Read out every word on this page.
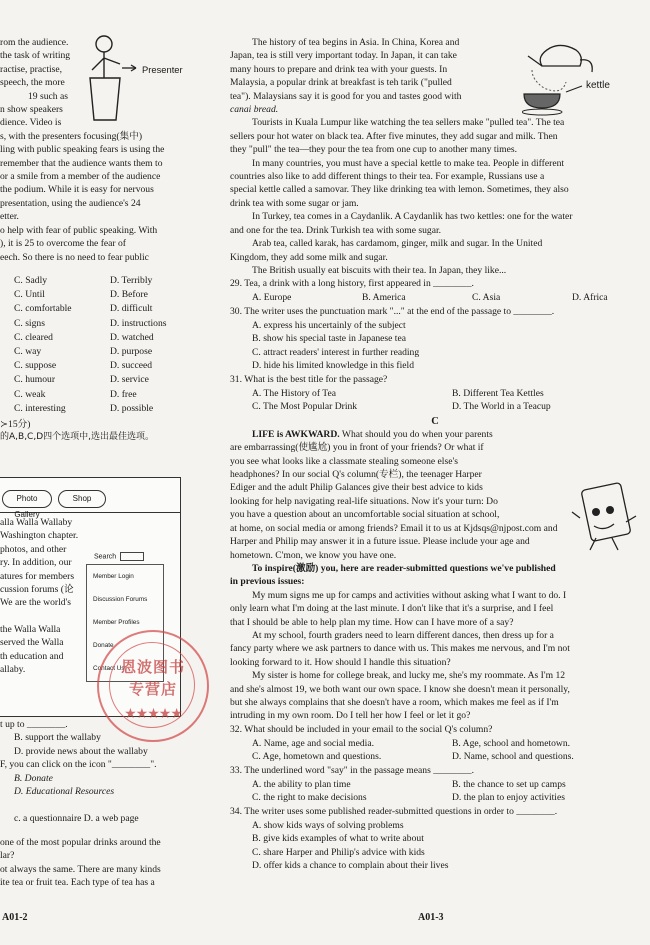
rom the audience.
the task of writing
ractise, practise,
speech, the more
19 such as
n show speakers
dience. Video is
s, with the presenters focusing(集中)
ling with public speaking fears is using the
remember that the audience wants them to
or a smile from a member of the audience
the podium. While it is easy for nervous
presentation, using the audience's 24
etter.
o help with fear of public speaking. With
), it is 25 to overcome the fear of
eech. So there is no need to fear public
Presenter
C. Sadly	D. Terribly
C. Until	D. Before
C. comfortable	D. difficult
C. signs	D. instructions
C. cleared	D. watched
C. way	D. purpose
C. suppose	D. succeed
C. humour	D. service
C. weak	D. free
C. interesting	D. possible
≻15分)
的A,B,C,D四个选项中,选出最佳选项。
Photo Gallery
Shop
Search
Member Login
Discussion Forums
Member Profiles
Donate
Contact Us
alla Walla Wallaby
Washington chapter.
photos, and other
ry. In addition, our
atures for members
cussion forums (论
We are the world's
the Walla Walla
served the Walla
th education and
allaby.	恩波图书
专营店
★★★★★
t up to ________.
B. support the wallaby
D. provide news about the wallaby
F, you can click on the icon "________".
B. Donate
D. Educational Resources
c. a questionnaire D. a web page
one of the most popular drinks around the
lar?
ot always the same. There are many kinds
ite tea or fruit tea. Each type of tea has a
A01-2
kettle
The history of tea begins in Asia. In China, Korea and
Japan, tea is still very important today. In Japan, it can take
many hours to prepare and drink tea with your guests. In
Malaysia, a popular drink at breakfast is teh tarik ("pulled
tea"). Malaysians say it is good for you and tastes good with
canai bread.
Tourists in Kuala Lumpur like watching the tea sellers make "pulled tea". The tea
sellers pour hot water on black tea. After five minutes, they add sugar and milk. Then
they "pull" the tea—they pour the tea from one cup to another many times.
In many countries, you must have a special kettle to make tea. People in different
countries also like to add different things to their tea. For example, Russians use a
special kettle called a samovar. They like drinking tea with lemon. Sometimes, they also
drink tea with some sugar or jam.
In Turkey, tea comes in a Caydanlik. A Caydanlik has two kettles: one for the water
and one for the tea. Drink Turkish tea with some sugar.
Arab tea, called karak, has cardamom, ginger, milk and sugar. In the United
Kingdom, they add some milk and sugar.
The British usually eat biscuits with their tea. In Japan, they like...
29. Tea, a drink with a long history, first appeared in ________.
A. Europe	B. America	C. Asia	D. Africa
30. The writer uses the punctuation mark "..." at the end of the passage to ________.
A. express his uncertainly of the subject
B. show his special taste in Japanese tea
C. attract readers' interest in further reading
D. hide his limited knowledge in this field
31. What is the best title for the passage?
A. The History of Tea	B. Different Tea Kettles
C. The Most Popular Drink	D. The World in a Teacup
C
LIFE is AWKWARD. What should you do when your parents
are embarrassing(使尴尬) you in front of your friends? Or what if
you see what looks like a classmate stealing someone else's
headphones? In our social Q's column(专栏), the teenager Harper
Ediger and the adult Philip Galances give their best advice to kids
looking for help navigating real-life situations. Now it's your turn: Do
you have a question about an uncomfortable social situation at school,
at home, on social media or among friends? Email it to us at Kjdsqs@njpost.com and
Harper and Philip may answer it in a future issue. Please include your age and
hometown. C'mon, we know you have one.
To inspire(激励) you, here are reader-submitted questions we've published
in previous issues:
My mum signs me up for camps and activities without asking what I want to do. I
only learn what I'm doing at the last minute. I don't like that it's a surprise, and I feel
that I should be able to help plan my time. How can I have more of a say?
At my school, fourth graders need to learn different dances, then dress up for a
fancy party where we ask partners to dance with us. This makes me nervous, and I'm not
looking forward to it. How should I handle this situation?
My sister is home for college break, and lucky me, she's my roommate. As I'm 12
and she's almost 19, we both want our own space. I know she doesn't mean it personally,
but she always complains that she doesn't have a room, which makes me feel as if I'm
intruding in my own room. Do I tell her how I feel or let it go?
32. What should be included in your email to the social Q's column?
A. Name, age and social media.	B. Age, school and hometown.
C. Age, hometown and questions.	D. Name, school and questions.
33. The underlined word "say" in the passage means ________.
A. the ability to plan time	B. the chance to set up camps
C. the right to make decisions	D. the plan to enjoy activities
34. The writer uses some published reader-submitted questions in order to ________.
A. show kids ways of solving problems
B. give kids examples of what to write about
C. share Harper and Philip's advice with kids
D. offer kids a chance to complain about their lives
A01-3
